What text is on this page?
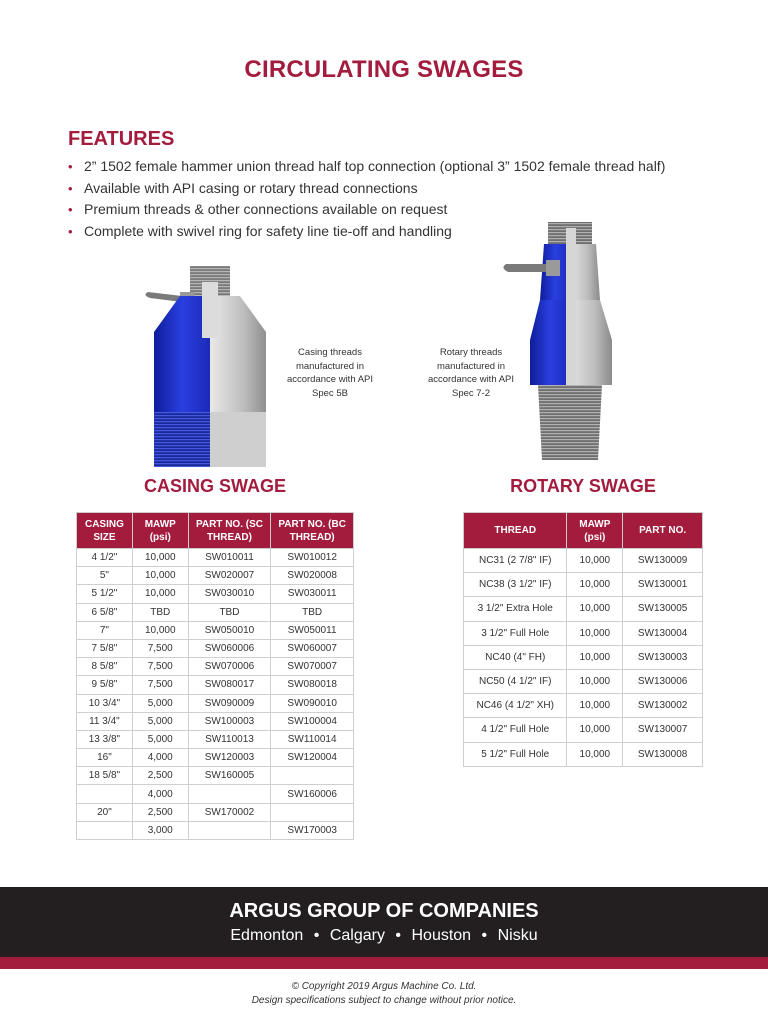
CIRCULATING SWAGES
FEATURES
• 2” 1502 female hammer union thread half top connection (optional 3” 1502 female thread half)
• Available with API casing or rotary thread connections
• Premium threads & other connections available on request
• Complete with swivel ring for safety line tie-off and handling
Casing threads manufactured in accordance with API Spec 5B
Rotary threads manufactured in accordance with API Spec 7-2
CASING SWAGE	ROTARY SWAGE
CASING SIZE	MAWP (psi)	PART NO. (SC THREAD)	PART NO. (BC THREAD)
4 1/2"	10,000	SW010011	SW010012
5"	10,000	SW020007	SW020008
5 1/2"	10,000	SW030010	SW030011
6 5/8"	TBD	TBD	TBD
7"	10,000	SW050010	SW050011
7 5/8"	7,500	SW060006	SW060007
8 5/8"	7,500	SW070006	SW070007
9 5/8"	7,500	SW080017	SW080018
10 3/4"	5,000	SW090009	SW090010
11 3/4"	5,000	SW100003	SW100004
13 3/8"	5,000	SW110013	SW110014
16"	4,000	SW120003	SW120004
18 5/8"	2,500	SW160005	
	4,000		SW160006
20"	2,500	SW170002	
	3,000		SW170003
THREAD	MAWP (psi)	PART NO.
NC31 (2 7/8" IF)	10,000	SW130009
NC38 (3 1/2" IF)	10,000	SW130001
3 1/2" Extra Hole	10,000	SW130005
3 1/2" Full Hole	10,000	SW130004
NC40 (4" FH)	10,000	SW130003
NC50 (4 1/2" IF)	10,000	SW130006
NC46 (4 1/2" XH)	10,000	SW130002
4 1/2" Full Hole	10,000	SW130007
5 1/2" Full Hole	10,000	SW130008
ARGUS GROUP OF COMPANIES
Edmonton • Calgary • Houston • Nisku
© Copyright 2019 Argus Machine Co. Ltd.
Design specifications subject to change without prior notice.
